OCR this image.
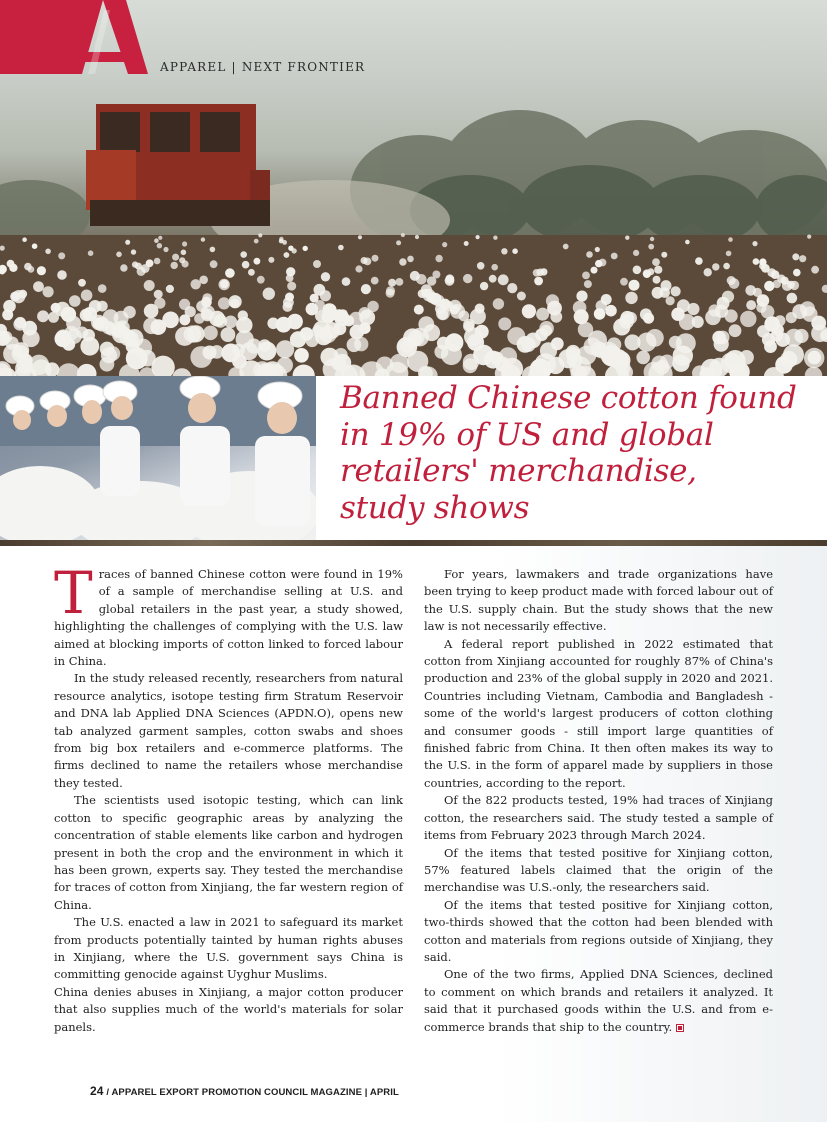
APPAREL | NEXT FRONTIER
Banned Chinese cotton found
in 19% of US and global
retailers' merchandise,
study shows

Traces of banned Chinese cotton were found in 19% of a sample of merchandise selling at U.S. and global retailers in the past year, a study showed, highlighting the challenges of complying with the U.S. law aimed at blocking imports of cotton linked to forced labour in China.

In the study released recently, researchers from natural resource analytics, isotope testing firm Stratum Reservoir and DNA lab Applied DNA Sciences (APDN.O), opens new tab analyzed garment samples, cotton swabs and shoes from big box retailers and e-commerce platforms. The firms declined to name the retailers whose merchandise they tested.

The scientists used isotopic testing, which can link cotton to specific geographic areas by analyzing the concentration of stable elements like carbon and hydrogen present in both the crop and the environment in which it has been grown, experts say. They tested the merchandise for traces of cotton from Xinjiang, the far western region of China.

The U.S. enacted a law in 2021 to safeguard its market from products potentially tainted by human rights abuses in Xinjiang, where the U.S. government says China is committing genocide against Uyghur Muslims.

China denies abuses in Xinjiang, a major cotton producer that also supplies much of the world's materials for solar panels.

For years, lawmakers and trade organizations have been trying to keep product made with forced labour out of the U.S. supply chain. But the study shows that the new law is not necessarily effective.

A federal report published in 2022 estimated that cotton from Xinjiang accounted for roughly 87% of China's production and 23% of the global supply in 2020 and 2021. Countries including Vietnam, Cambodia and Bangladesh - some of the world's largest producers of cotton clothing and consumer goods - still import large quantities of finished fabric from China. It then often makes its way to the U.S. in the form of apparel made by suppliers in those countries, according to the report.

Of the 822 products tested, 19% had traces of Xinjiang cotton, the researchers said. The study tested a sample of items from February 2023 through March 2024.

Of the items that tested positive for Xinjiang cotton, 57% featured labels claimed that the origin of the merchandise was U.S.-only, the researchers said.

Of the items that tested positive for Xinjiang cotton, two-thirds showed that the cotton had been blended with cotton and materials from regions outside of Xinjiang, they said.

One of the two firms, Applied DNA Sciences, declined to comment on which brands and retailers it analyzed. It said that it purchased goods within the U.S. and from e-commerce brands that ship to the country.

24 / APPAREL EXPORT PROMOTION COUNCIL MAGAZINE | APRIL
